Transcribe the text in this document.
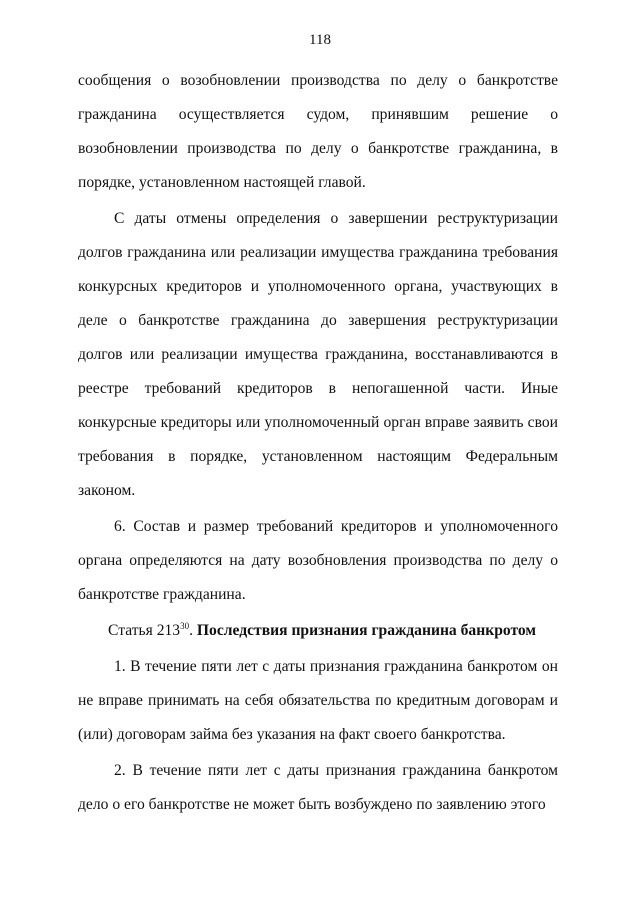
118

сообщения о возобновлении производства по делу о банкротстве гражданина осуществляется судом, принявшим решение о возобновлении производства по делу о банкротстве гражданина, в порядке, установленном настоящей главой.

С даты отмены определения о завершении реструктуризации долгов гражданина или реализации имущества гражданина требования конкурсных кредиторов и уполномоченного органа, участвующих в деле о банкротстве гражданина до завершения реструктуризации долгов или реализации имущества гражданина, восстанавливаются в реестре требований кредиторов в непогашенной части. Иные конкурсные кредиторы или уполномоченный орган вправе заявить свои требования в порядке, установленном настоящим Федеральным законом.

6. Состав и размер требований кредиторов и уполномоченного органа определяются на дату возобновления производства по делу о банкротстве гражданина.

Статья $213^{30}$. Последствия признания гражданина банкротом

1. В течение пяти лет с даты признания гражданина банкротом он не вправе принимать на себя обязательства по кредитным договорам и (или) договорам займа без указания на факт своего банкротства.

2. В течение пяти лет с даты признания гражданина банкротом дело о его банкротстве не может быть возбуждено по заявлению этого
